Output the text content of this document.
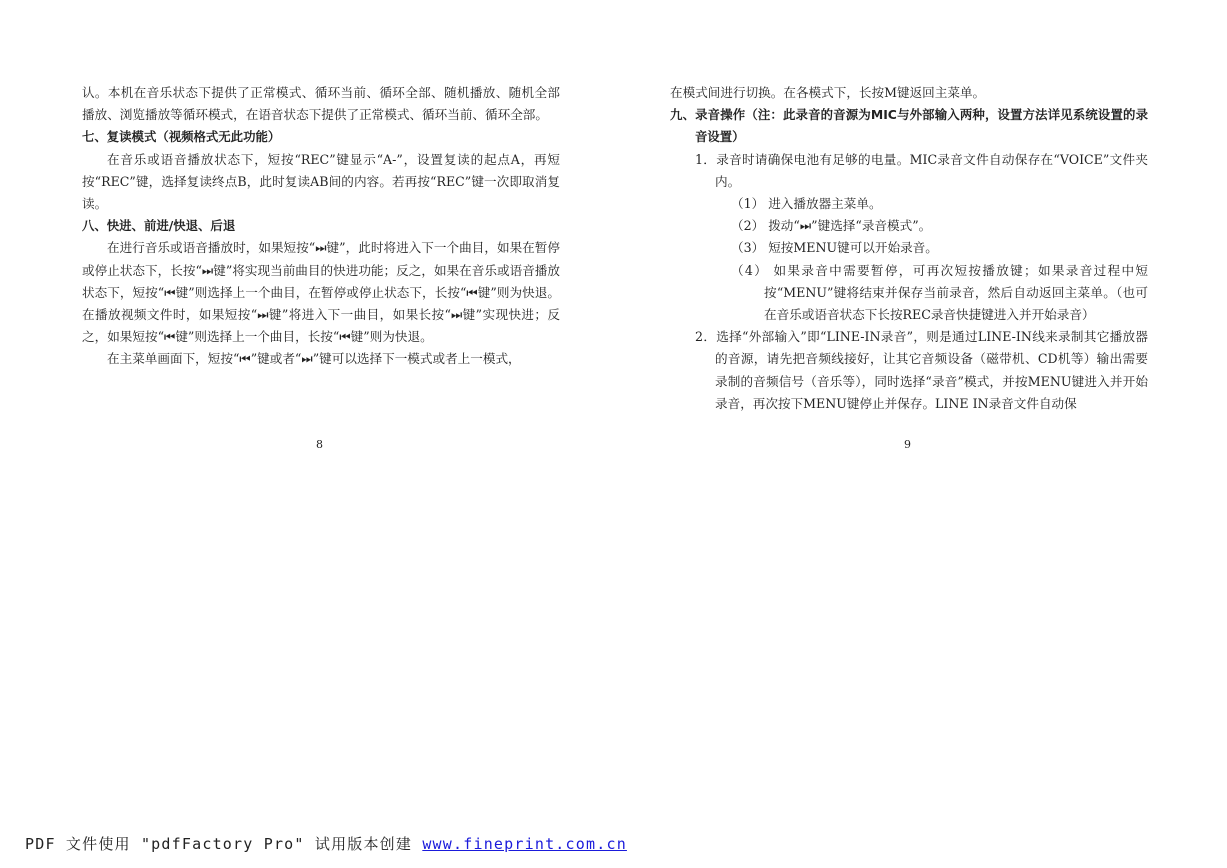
认。本机在音乐状态下提供了正常模式、循环当前、循环全部、随机播放、随机全部播放、浏览播放等循环模式，在语音状态下提供了正常模式、循环当前、循环全部。

七、复读模式（视频格式无此功能）

在音乐或语音播放状态下，短按“REC”键显示“A-”，设置复读的起点A，再短按“REC”键，选择复读终点B，此时复读AB间的内容。若再按“REC”键一次即取消复读。

八、快进、前进/快退、后退

在进行音乐或语音播放时，如果短按“⏭键”，此时将进入下一个曲目，如果在暂停或停止状态下，长按“⏭键”将实现当前曲目的快进功能；反之，如果在音乐或语音播放状态下，短按“⏮键”则选择上一个曲目，在暂停或停止状态下，长按“⏮键”则为快退。在播放视频文件时，如果短按“⏭键”将进入下一曲目，如果长按“⏭键”实现快进；反之，如果短按“⏮键”则选择上一个曲目，长按“⏮键”则为快退。

在主菜单画面下，短按“⏮”键或者“⏭”键可以选择下一模式或者上一模式，

8

在模式间进行切换。在各模式下，长按M键返回主菜单。

九、录音操作（注：此录音的音源为MIC与外部输入两种，设置方法详见系统设置的录音设置）

1．录音时请确保电池有足够的电量。MIC录音文件自动保存在“VOICE”文件夹内。

（1） 进入播放器主菜单。

（2） 拨动“⏭”键选择“录音模式”。

（3） 短按MENU键可以开始录音。

（4） 如果录音中需要暂停，可再次短按播放键；如果录音过程中短按“MENU”键将结束并保存当前录音，然后自动返回主菜单。（也可在音乐或语音状态下长按REC录音快捷键进入并开始录音）

2．选择“外部输入”即“LINE-IN录音”，则是通过LINE-IN线来录制其它播放器的音源，请先把音频线接好，让其它音频设备（磁带机、CD机等）输出需要录制的音频信号（音乐等），同时选择“录音”模式，并按MENU键进入并开始录音，再次按下MENU键停止并保存。LINE IN录音文件自动保

9
PDF 文件使用 "pdfFactory Pro" 试用版本创建 www.fineprint.com.cn
